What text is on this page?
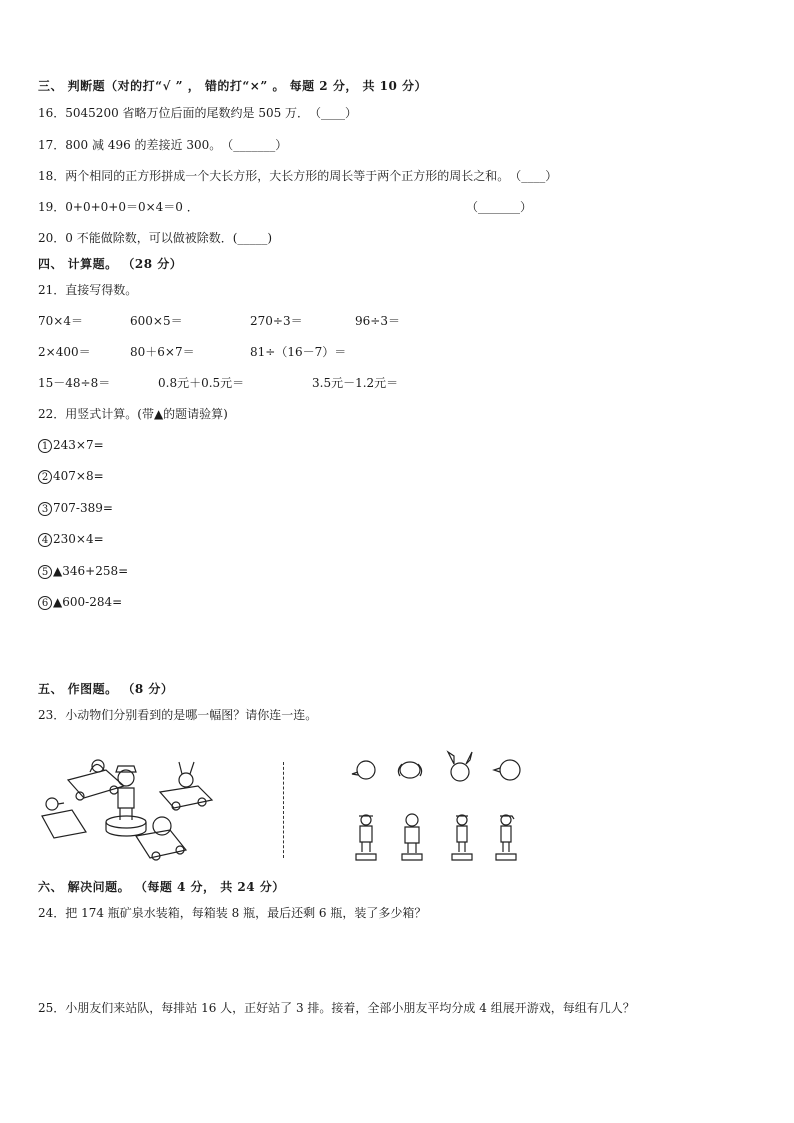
三、 判断题（对的打“√ ” ， 错的打“×” 。 每题 2 分， 共 10 分）
16．5045200 省略万位后面的尾数约是 505 万．　（____）
17．800 减 496 的差接近 300。　（_______）
18．两个相同的正方形拼成一个大长方形，大长方形的周长等于两个正方形的周长之和。　（____）
19．0+0+0+0＝0×4＝0 ．	（_______）
20．0 不能做除数，可以做被除数．(_____)
四、 计算题。 （28 分）
21．直接写得数。
70×4＝	600×5＝	270÷3＝	96÷3＝
2×400＝	80＋6×7＝	81÷（16－7）＝
15－48÷8＝	0.8元＋0.5元＝	3.5元－1.2元＝
22．用竖式计算。(带▲的题请验算)
1 243×7=
2 407×8=
3 707-389=
4 230×4=
5 ▲346+258=
6 ▲600-284=
五、 作图题。 （8 分）
23．小动物们分别看到的是哪一幅图？请你连一连。
六、 解决问题。 （每题 4 分， 共 24 分）
24．把 174 瓶矿泉水装箱，每箱装 8 瓶，最后还剩 6 瓶，装了多少箱？
25．小朋友们来站队，每排站 16 人，正好站了 3 排。接着，全部小朋友平均分成 4 组展开游戏，每组有几人？
